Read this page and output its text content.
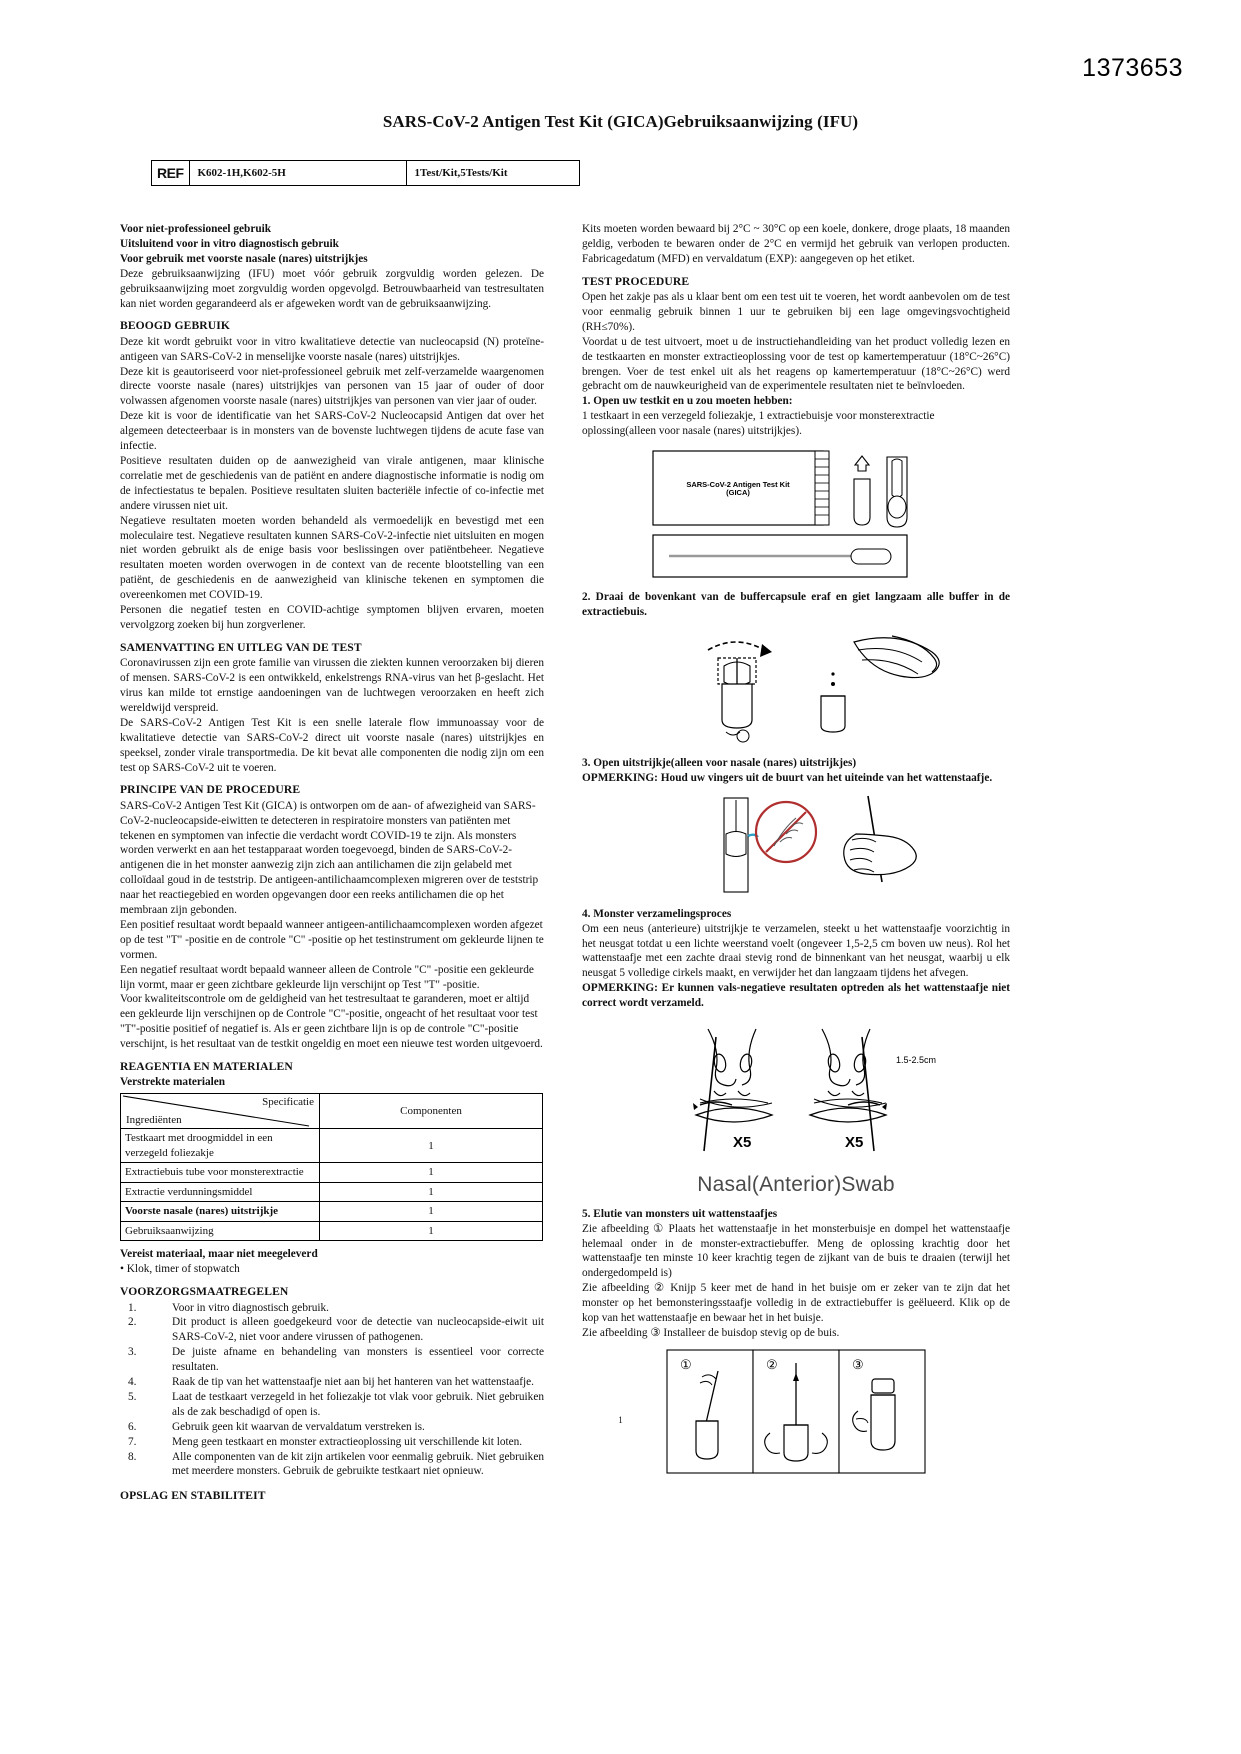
1373653
SARS-CoV-2 Antigen Test Kit (GICA)Gebruiksaanwijzing (IFU)
REF	K602-1H,K602-5H	1Test/Kit,5Tests/Kit

Voor niet-professioneel gebruik

Uitsluitend voor in vitro diagnostisch gebruik

Voor gebruik met voorste nasale (nares) uitstrijkjes

Deze gebruiksaanwijzing (IFU) moet vóór gebruik zorgvuldig worden gelezen. De gebruiksaanwijzing moet zorgvuldig worden opgevolgd. Betrouwbaarheid van testresultaten kan niet worden gegarandeerd als er afgeweken wordt van de gebruiksaanwijzing.

BEOOGD GEBRUIK

Deze kit wordt gebruikt voor in vitro kwalitatieve detectie van nucleocapsid (N) proteïne-antigeen van SARS-CoV-2 in menselijke voorste nasale (nares) uitstrijkjes.

Deze kit is geautoriseerd voor niet-professioneel gebruik met zelf-verzamelde waargenomen directe voorste nasale (nares) uitstrijkjes van personen van 15 jaar of ouder of door volwassen afgenomen voorste nasale (nares) uitstrijkjes van personen van vier jaar of ouder.

Deze kit is voor de identificatie van het SARS-CoV-2 Nucleocapsid Antigen dat over het algemeen detecteerbaar is in monsters van de bovenste luchtwegen tijdens de acute fase van infectie.

Positieve resultaten duiden op de aanwezigheid van virale antigenen, maar klinische correlatie met de geschiedenis van de patiënt en andere diagnostische informatie is nodig om de infectiestatus te bepalen. Positieve resultaten sluiten bacteriële infectie of co-infectie met andere virussen niet uit.

Negatieve resultaten moeten worden behandeld als vermoedelijk en bevestigd met een moleculaire test. Negatieve resultaten kunnen SARS-CoV-2-infectie niet uitsluiten en mogen niet worden gebruikt als de enige basis voor beslissingen over patiëntbeheer. Negatieve resultaten moeten worden overwogen in de context van de recente blootstelling van een patiënt, de geschiedenis en de aanwezigheid van klinische tekenen en symptomen die overeenkomen met COVID-19.

Personen die negatief testen en COVID-achtige symptomen blijven ervaren, moeten vervolgzorg zoeken bij hun zorgverlener.

SAMENVATTING EN UITLEG VAN DE TEST

Coronavirussen zijn een grote familie van virussen die ziekten kunnen veroorzaken bij dieren of mensen. SARS-CoV-2 is een ontwikkeld, enkelstrengs RNA-virus van het β-geslacht. Het virus kan milde tot ernstige aandoeningen van de luchtwegen veroorzaken en heeft zich wereldwijd verspreid.

De SARS-CoV-2 Antigen Test Kit is een snelle laterale flow immunoassay voor de kwalitatieve detectie van SARS-CoV-2 direct uit voorste nasale (nares) uitstrijkjes en speeksel, zonder virale transportmedia. De kit bevat alle componenten die nodig zijn om een test op SARS-CoV-2 uit te voeren.

PRINCIPE VAN DE PROCEDURE

SARS-CoV-2 Antigen Test Kit (GICA) is ontworpen om de aan- of afwezigheid van SARS-CoV-2-nucleocapside-eiwitten te detecteren in respiratoire monsters van patiënten met tekenen en symptomen van infectie die verdacht wordt COVID-19 te zijn. Als monsters worden verwerkt en aan het testapparaat worden toegevoegd, binden de SARS-CoV-2-antigenen die in het monster aanwezig zijn zich aan antilichamen die zijn gelabeld met colloïdaal goud in de teststrip. De antigeen-antilichaamcomplexen migreren over de teststrip naar het reactiegebied en worden opgevangen door een reeks antilichamen die op het membraan zijn gebonden.

Een positief resultaat wordt bepaald wanneer antigeen-antilichaamcomplexen worden afgezet op de test "T" -positie en de controle "C" -positie op het testinstrument om gekleurde lijnen te vormen.

Een negatief resultaat wordt bepaald wanneer alleen de Controle "C" -positie een gekleurde lijn vormt, maar er geen zichtbare gekleurde lijn verschijnt op Test "T" -positie.

Voor kwaliteitscontrole om de geldigheid van het testresultaat te garanderen, moet er altijd een gekleurde lijn verschijnen op de Controle "C"-positie, ongeacht of het resultaat voor test "T"-positie positief of negatief is. Als er geen zichtbare lijn is op de controle "C"-positie verschijnt, is het resultaat van de testkit ongeldig en moet een nieuwe test worden uitgevoerd.

REAGENTIA EN MATERIALEN

Verstrekte materialen

Specificatie
Ingrediënten	Componenten
Testkaart met droogmiddel in een verzegeld foliezakje	1
Extractiebuis tube voor monsterextractie	1
Extractie verdunningsmiddel	1
Voorste nasale (nares) uitstrijkje	1
Gebruiksaanwijzing	1

Vereist materiaal, maar niet meegeleverd

• Klok, timer of stopwatch

VOORZORGSMAATREGELEN
1.	Voor in vitro diagnostisch gebruik.
2.	Dit product is alleen goedgekeurd voor de detectie van nucleocapside-eiwit uit SARS-CoV-2, niet voor andere virussen of pathogenen.
3.	De juiste afname en behandeling van monsters is essentieel voor correcte resultaten.
4.	Raak de tip van het wattenstaafje niet aan bij het hanteren van het wattenstaafje.
5.	Laat de testkaart verzegeld in het foliezakje tot vlak voor gebruik. Niet gebruiken als de zak beschadigd of open is.
6.	Gebruik geen kit waarvan de vervaldatum verstreken is.
7.	Meng geen testkaart en monster extractieoplossing uit verschillende kit loten.
8.	Alle componenten van de kit zijn artikelen voor eenmalig gebruik. Niet gebruiken met meerdere monsters. Gebruik de gebruikte testkaart niet opnieuw.
OPSLAG EN STABILITEIT

Kits moeten worden bewaard bij 2°C ~ 30°C op een koele, donkere, droge plaats, 18 maanden geldig, verboden te bewaren onder de 2°C en vermijd het gebruik van verlopen producten. Fabricagedatum (MFD) en vervaldatum (EXP): aangegeven op het etiket.

TEST PROCEDURE

Open het zakje pas als u klaar bent om een test uit te voeren, het wordt aanbevolen om de test voor eenmalig gebruik binnen 1 uur te gebruiken bij een lage omgevingsvochtigheid (RH≤70%).

Voordat u de test uitvoert, moet u de instructiehandleiding van het product volledig lezen en de testkaarten en monster extractieoplossing voor de test op kamertemperatuur (18°C~26°C) brengen. Voer de test enkel uit als het reagens op kamertemperatuur (18°C~26°C) werd gebracht om de nauwkeurigheid van de experimentele resultaten niet te beïnvloeden.

1. Open uw testkit en u zou moeten hebben:

1 testkaart in een verzegeld foliezakje, 1 extractiebuisje voor monsterextractie oplossing(alleen voor nasale (nares) uitstrijkjes).

SARS-CoV-2 Antigen Test Kit
(GICA)

2. Draai de bovenkant van de buffercapsule eraf en giet langzaam alle buffer in de extractiebuis.

3. Open uitstrijkje(alleen voor nasale (nares) uitstrijkjes)

OPMERKING: Houd uw vingers uit de buurt van het uiteinde van het wattenstaafje.

4. Monster verzamelingsproces

Om een neus (anterieure) uitstrijkje te verzamelen, steekt u het wattenstaafje voorzichtig in het neusgat totdat u een lichte weerstand voelt (ongeveer 1,5-2,5 cm boven uw neus). Rol het wattenstaafje met een zachte draai stevig rond de binnenkant van het neusgat, waarbij u elk neusgat 5 volledige cirkels maakt, en verwijder het dan langzaam tijdens het afvegen.

OPMERKING: Er kunnen vals-negatieve resultaten optreden als het wattenstaafje niet correct wordt verzameld.

X5	X5
1.5-2.5cm
Nasal(Anterior)Swab

5. Elutie van monsters uit wattenstaafjes

Zie afbeelding ① Plaats het wattenstaafje in het monsterbuisje en dompel het wattenstaafje helemaal onder in de monster-extractiebuffer. Meng de oplossing krachtig door het wattenstaafje ten minste 10 keer krachtig tegen de zijkant van de buis te draaien (terwijl het ondergedompeld is)

Zie afbeelding ② Knijp 5 keer met de hand in het buisje om er zeker van te zijn dat het monster op het bemonsteringsstaafje volledig in de extractiebuffer is geëlueerd. Klik op de kop van het wattenstaafje en bewaar het in het buisje.

Zie afbeelding ③ Installeer de buisdop stevig op de buis.

①	②	③
1
